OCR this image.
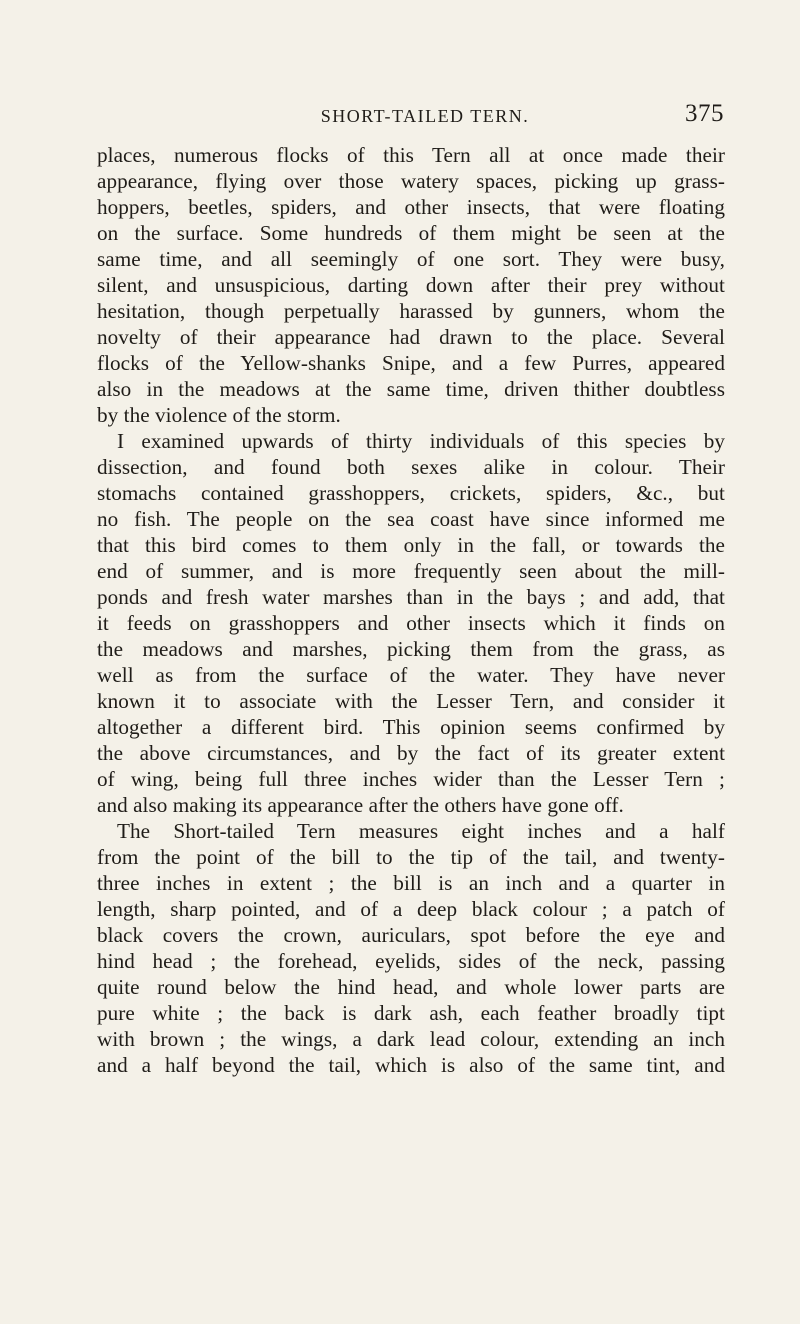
SHORT-TAILED TERN.	375
places, numerous flocks of this Tern all at once made their
appearance, flying over those watery spaces, picking up grass-
hoppers, beetles, spiders, and other insects, that were floating
on the surface. Some hundreds of them might be seen at the
same time, and all seemingly of one sort. They were busy,
silent, and unsuspicious, darting down after their prey without
hesitation, though perpetually harassed by gunners, whom the
novelty of their appearance had drawn to the place. Several
flocks of the Yellow-shanks Snipe, and a few Purres, appeared
also in the meadows at the same time, driven thither doubtless
by the violence of the storm.
I examined upwards of thirty individuals of this species by
dissection, and found both sexes alike in colour. Their
stomachs contained grasshoppers, crickets, spiders, &c., but
no fish. The people on the sea coast have since informed me
that this bird comes to them only in the fall, or towards the
end of summer, and is more frequently seen about the mill-
ponds and fresh water marshes than in the bays ; and add, that
it feeds on grasshoppers and other insects which it finds on
the meadows and marshes, picking them from the grass, as
well as from the surface of the water. They have never
known it to associate with the Lesser Tern, and consider it
altogether a different bird. This opinion seems confirmed by
the above circumstances, and by the fact of its greater extent
of wing, being full three inches wider than the Lesser Tern ;
and also making its appearance after the others have gone off.
The Short-tailed Tern measures eight inches and a half
from the point of the bill to the tip of the tail, and twenty-
three inches in extent ; the bill is an inch and a quarter in
length, sharp pointed, and of a deep black colour ; a patch of
black covers the crown, auriculars, spot before the eye and
hind head ; the forehead, eyelids, sides of the neck, passing
quite round below the hind head, and whole lower parts are
pure white ; the back is dark ash, each feather broadly tipt
with brown ; the wings, a dark lead colour, extending an inch
and a half beyond the tail, which is also of the same tint, and
